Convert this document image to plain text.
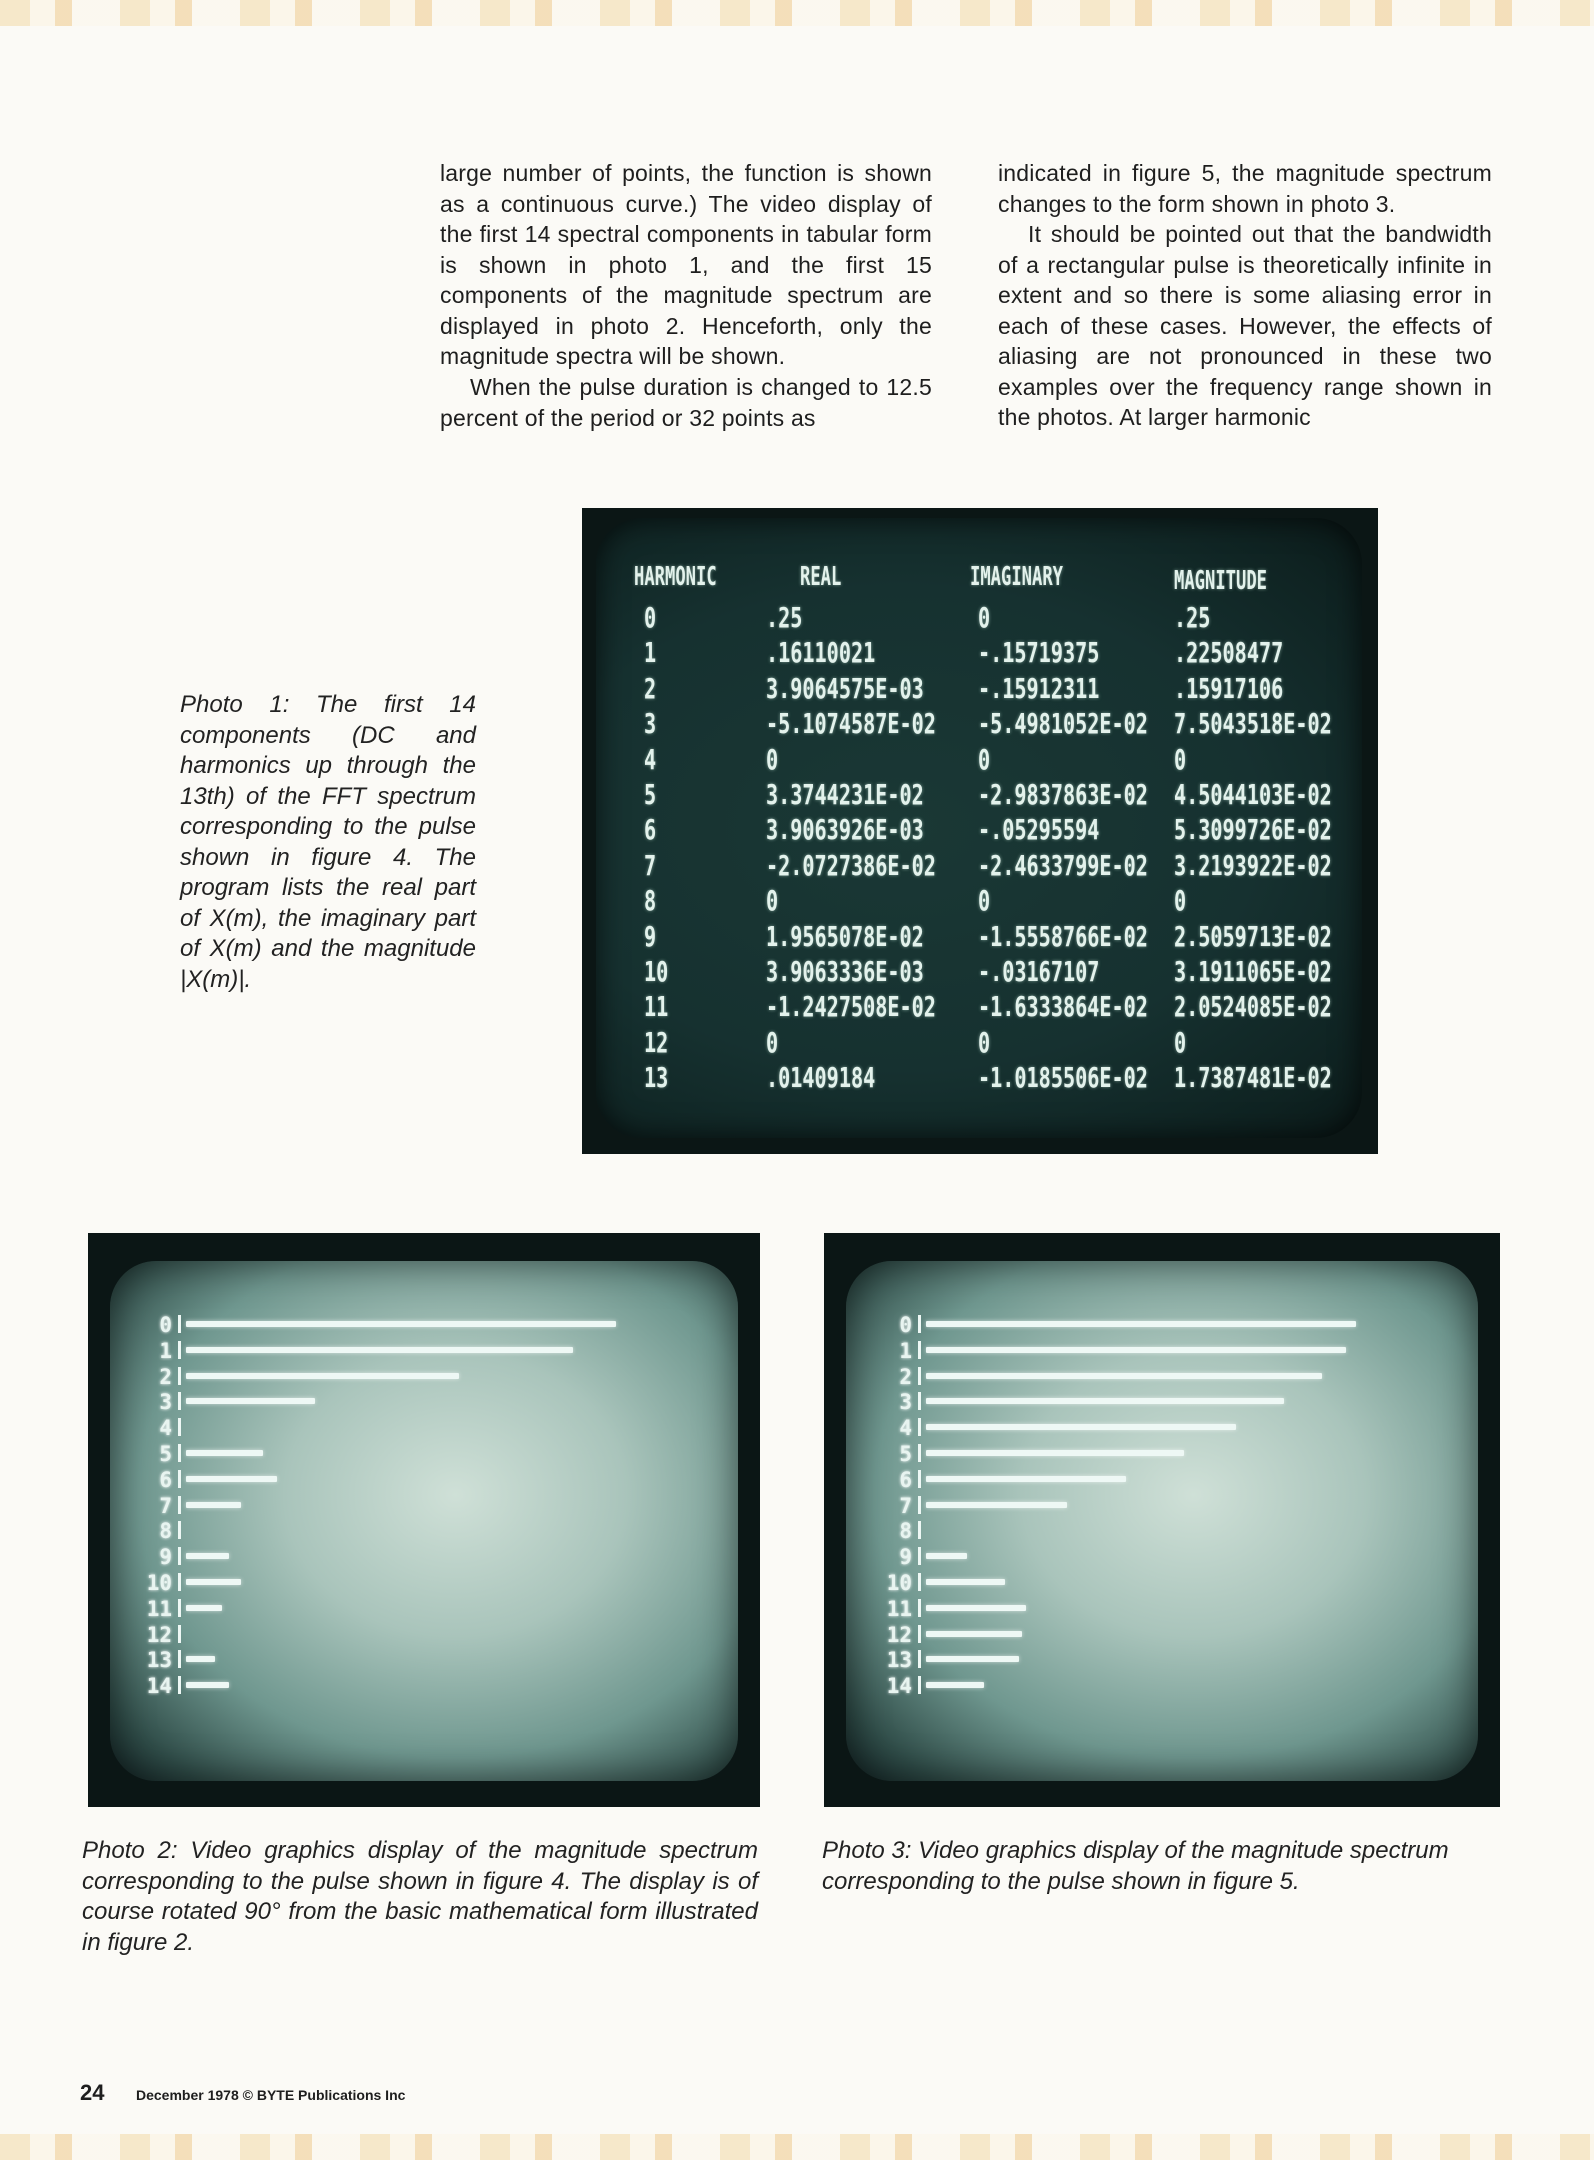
large number of points, the function is shown as a continuous curve.) The video display of the first 14 spectral components in tabular form is shown in photo 1, and the first 15 components of the magnitude spectrum are displayed in photo 2. Henceforth, only the magnitude spectra will be shown.

When the pulse duration is changed to 12.5 percent of the period or 32 points as

indicated in figure 5, the magnitude spectrum changes to the form shown in photo 3.

It should be pointed out that the bandwidth of a rectangular pulse is theoretically infinite in extent and so there is some aliasing error in each of these cases. However, the effects of aliasing are not pronounced in these two examples over the frequency range shown in the photos. At larger harmonic

Photo 1: The first 14 components (DC and harmonics up through the 13th) of the FFT spectrum corresponding to the pulse shown in figure 4. The program lists the real part of X(m), the imaginary part of X(m) and the magnitude |X(m)|.

HARMONIC	REAL	IMAGINARY	MAGNITUDE
0	.25	0	.25
1	.16110021	-.15719375	.22508477
2	3.9064575E-03 -.15912311	.15917106
3	-5.1074587E-02 -5.4981052E-02 7.5043518E-02
4	0	0	0
5	3.3744231E-02 -2.9837863E-02 4.5044103E-02
6	3.9063926E-03 -.05295594	5.3099726E-02
7	-2.0727386E-02 -2.4633799E-02 3.2193922E-02
8	0	0	0
9	1.9565078E-02 -1.5558766E-02 2.5059713E-02
10	3.9063336E-03 -.03167107	3.1911065E-02
11	-1.2427508E-02 -1.6333864E-02 2.0524085E-02
12	0	0	0
13	.01409184	-1.0185506E-02 1.7387481E-02
0
1
2
3
4
5
6
7
8
9
10
11
12
13
14

Photo 2: Video graphics display of the magnitude spectrum corresponding to the pulse shown in figure 4. The display is of course rotated 90° from the basic mathematical form illustrated in figure 2.

0
1
2
3
4
5
6
7
8
9
10
11
12
13
14

Photo 3: Video graphics display of the magnitude spectrum corresponding to the pulse shown in figure 5.

24 December 1978 © BYTE Publications Inc
